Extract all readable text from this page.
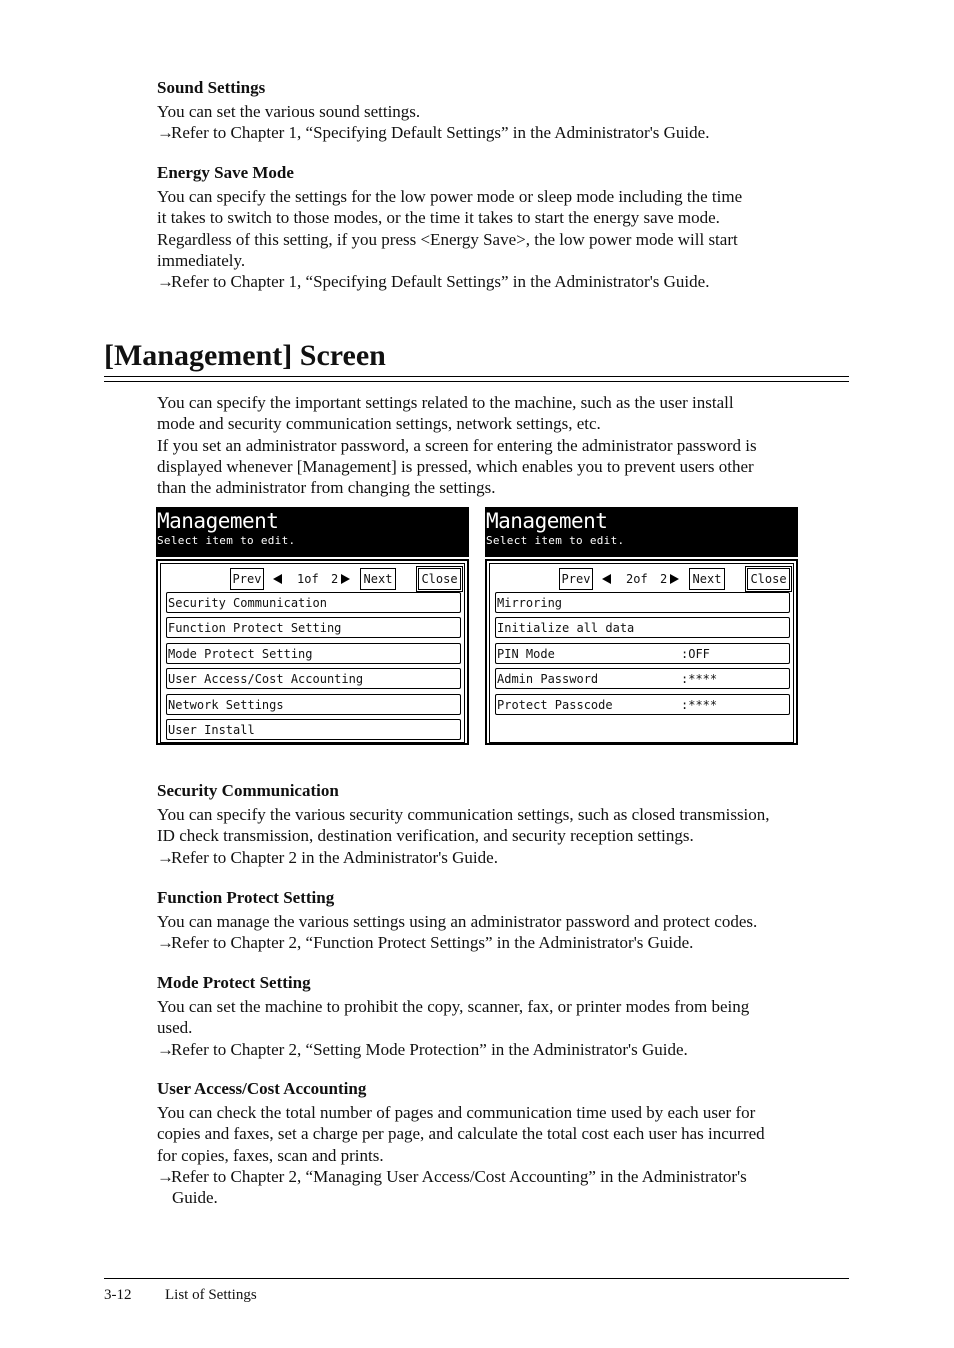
Sound Settings

You can set the various sound settings.

→Refer to Chapter 1, “Specifying Default Settings” in the Administrator's Guide.

Energy Save Mode

You can specify the settings for the low power mode or sleep mode including the time

it takes to switch to those modes, or the time it takes to start the energy save mode.

Regardless of this setting, if you press <Energy Save>, the low power mode will start

immediately.

→Refer to Chapter 1, “Specifying Default Settings” in the Administrator's Guide.

[Management] Screen

You can specify the important settings related to the machine, such as the user install

mode and security communication settings, network settings, etc.

If you set an administrator password, a screen for entering the administrator password is

displayed whenever [Management] is pressed, which enables you to prevent users other

than the administrator from changing the settings.

Management
Select item to edit.
Prev	1of 2 Next Close
Security Communication
Function Protect Setting
Mode Protect Setting
User Access/Cost Accounting
Network Settings
User Install
Management
Select item to edit.
Prev	2of 2 Next Close
Mirroring
Initialize all data
PIN Mode	:OFF
Admin Password	:****
Protect Passcode	:****

Security Communication

You can specify the various security communication settings, such as closed transmission,

ID check transmission, destination verification, and security reception settings.

→Refer to Chapter 2 in the Administrator's Guide.

Function Protect Setting

You can manage the various settings using an administrator password and protect codes.

→Refer to Chapter 2, “Function Protect Settings” in the Administrator's Guide.

Mode Protect Setting

You can set the machine to prohibit the copy, scanner, fax, or printer modes from being

used.

→Refer to Chapter 2, “Setting Mode Protection” in the Administrator's Guide.

User Access/Cost Accounting

You can check the total number of pages and communication time used by each user for

copies and faxes, set a charge per page, and calculate the total cost each user has incurred

for copies, faxes, scan and prints.

→Refer to Chapter 2, “Managing User Access/Cost Accounting” in the Administrator's

Guide.

3-12 List of Settings
